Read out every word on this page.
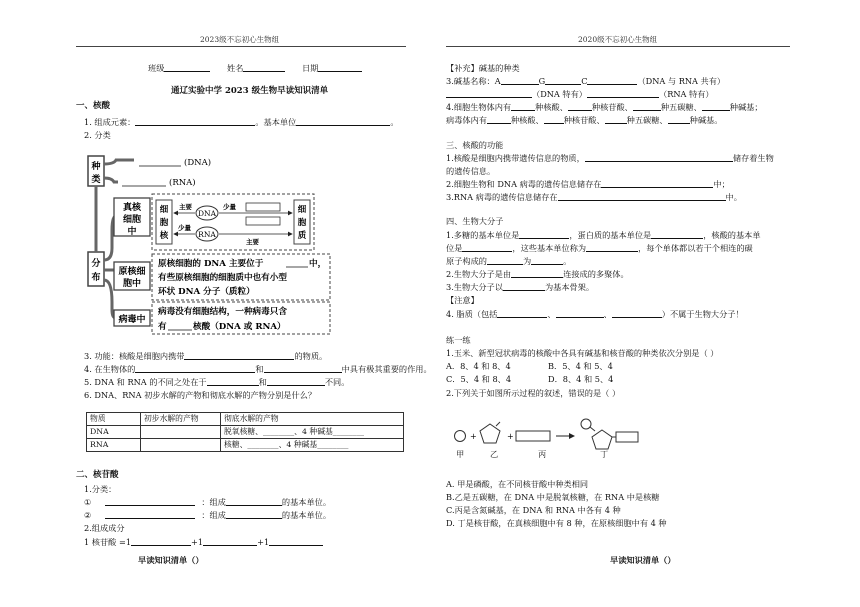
2023级不忘初心生物组	2020级不忘初心生物组
班级	姓名	日期
通辽实验中学 2023 级生物早读知识清单
一、核酸
1. 组成元素：	。基本单位	。
2. 分类
种
类
(DNA)
(RNA)
分
布
真核
细胞
中
细
胞
核
细
胞
质
DNA
RNA
主要	少量
少量
主要
原核细
胞中
原核细胞的 DNA 主要位于	中，
有些原核细胞的细胞质中也有小型
环状 DNA 分子（质粒）
病毒中
病毒没有细胞结构，一种病毒只含
有	核酸（DNA 或 RNA）
3. 功能：核酸是细胞内携带	的物质。
4. 在生物体的	和	中具有极其重要的作用。
5. DNA 和 RNA 的不同之处在于	和	不同。
6. DNA、RNA 初步水解的产物和彻底水解的产物分别是什么？
物质	初步水解的产物	彻底水解的产物
DNA		脱氧核糖、________、4 种碱基________
RNA		核糖、________、4 种碱基________
二、核苷酸
1.分类：
①	：组成	的基本单位。
②	：组成	的基本单位。
2.组成成分
1 核苷酸 =1	+1	+1
早读知识清单（）
【补充】碱基的种类
3.碱基名称：A	G	C	（DNA 与 RNA 共有）
（DNA 特有）	（RNA 特有）
4.细胞生物体内有	种核酸、	种核苷酸、	种五碳糖、	种碱基；
病毒体内有	种核酸、 种核苷酸、	种五碳糖、	种碱基。
三、核酸的功能
1.核酸是细胞内携带遗传信息的物质，	储存着生物
的遗传信息。
2.细胞生物和 DNA 病毒的遗传信息储存在	中；
3.RNA 病毒的遗传信息储存在	中。
四、生物大分子
1.多糖的基本单位是	，蛋白质的基本单位是	，核酸的基本单
位是	，这些基本单位称为	，每个单体都以若干个相连的碳
原子构成的	为	。
2.生物大分子是由	连接成的多聚体。
3.生物大分子以	为基本骨架。
【注意】
4. 脂质（包括	、	、	）不属于生物大分子！
练一练
1.玉米、新型冠状病毒的核酸中各具有碱基和核苷酸的种类依次分别是（ ）
A．8、4 和 8、4	B．5、4 和 5、4
C．5、4 和 8、4	D．8、4 和 5、4
2.下列关于如图所示过程的叙述，错误的是（ ）
+	+
甲	乙	丙	丁
A. 甲是磷酸，在不同核苷酸中种类相同
B.乙是五碳糖，在 DNA 中是脱氧核糖，在 RNA 中是核糖
C.丙是含氮碱基，在 DNA 和 RNA 中各有 4 种
D. 丁是核苷酸，在真核细胞中有 8 种，在原核细胞中有 4 种
早读知识清单（）
